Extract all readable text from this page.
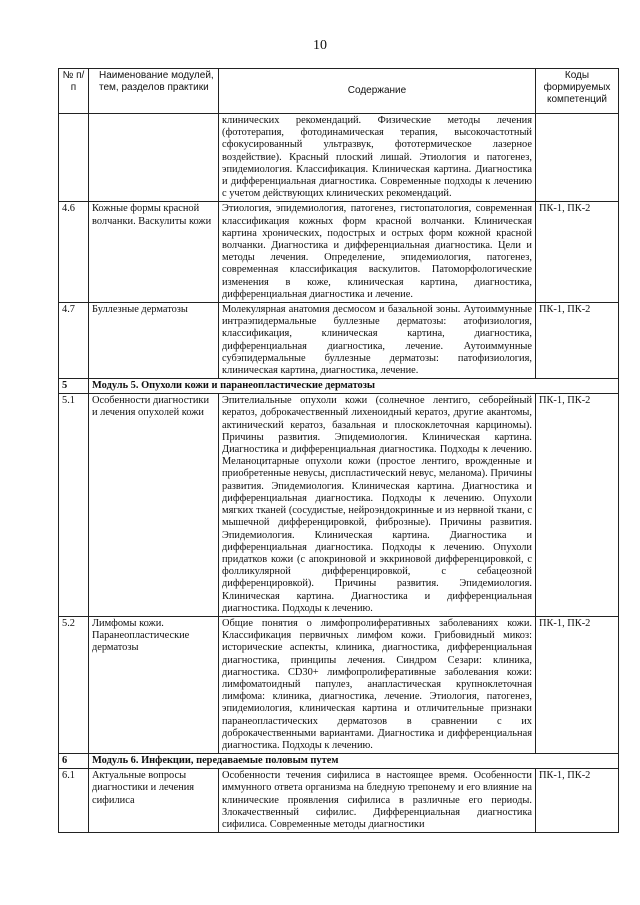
10
№ п/п	Наименование модулей, тем, разделов практики	Содержание	Коды формируемых компетенций
		клинических рекомендаций. Физические методы лечения (фототерапия, фотодинамическая терапия, высокочастотный сфокусированный ультразвук, фототермическое лазерное воздействие). Красный плоский лишай. Этиология и патогенез, эпидемиология. Классификация. Клиническая картина. Диагностика и дифференциальная диагностика. Современные подходы к лечению с учетом действующих клинических рекомендаций.	
4.6	Кожные формы красной волчанки. Васкулиты кожи	Этиология, эпидемиология, патогенез, гистопатология, современная классификация кожных форм красной волчанки. Клиническая картина хронических, подострых и острых форм кожной красной волчанки. Диагностика и дифференциальная диагностика. Цели и методы лечения. Определение, эпидемиология, патогенез, современная классификация васкулитов. Патоморфологические изменения в коже, клиническая картина, диагностика, дифференциальная диагностика и лечение.	ПК-1, ПК-2
4.7	Буллезные дерматозы	Молекулярная анатомия десмосом и базальной зоны. Аутоиммунные интраэпидермальные буллезные дерматозы: атофизиология, классификация, клиническая картина, диагностика, дифференциальная диагностика, лечение. Аутоиммунные субэпидермальные буллезные дерматозы: патофизиология, клиническая картина, диагностика, лечение.	ПК-1, ПК-2
5	Модуль 5. Опухоли кожи и паранеопластические дерматозы		
5.1	Особенности диагностики и лечения опухолей кожи	Эпителиальные опухоли кожи (солнечное лентиго, себорейный кератоз, доброкачественный лихеноидный кератоз, другие акантомы, актинический кератоз, базальная и плоскоклеточная карциномы). Причины развития. Эпидемиология. Клиническая картина. Диагностика и дифференциальная диагностика. Подходы к лечению. Меланоцитарные опухоли кожи (простое лентиго, врожденные и приобретенные невусы, диспластический невус, меланома). Причины развития. Эпидемиология. Клиническая картина. Диагностика и дифференциальная диагностика. Подходы к лечению. Опухоли мягких тканей (сосудистые, нейроэндокринные и из нервной ткани, с мышечной дифференцировкой, фиброзные). Причины развития. Эпидемиология. Клиническая картина. Диагностика и дифференциальная диагностика. Подходы к лечению. Опухоли придатков кожи (с апокриновой и эккриновой дифференцировкой, с фолликулярной дифференцировкой, с себацеозной дифференцировкой). Причины развития. Эпидемиология. Клиническая картина. Диагностика и дифференциальная диагностика. Подходы к лечению.	ПК-1, ПК-2
5.2	Лимфомы кожи. Паранеопластические дерматозы	Общие понятия о лимфопролиферативных заболеваниях кожи. Классификация первичных лимфом кожи. Грибовидный микоз: исторические аспекты, клиника, диагностика, дифференциальная диагностика, принципы лечения. Синдром Сезари: клиника, диагностика. CD30+ лимфопролиферативные заболевания кожи: лимфоматоидный папулез, анапластическая крупноклеточная лимфома: клиника, диагностика, лечение. Этиология, патогенез, эпидемиология, клиническая картина и отличительные признаки паранеопластических дерматозов в сравнении с их доброкачественными вариантами. Диагностика и дифференциальная диагностика. Подходы к лечению.	ПК-1, ПК-2
6	Модуль 6. Инфекции, передаваемые половым путем		
6.1	Актуальные вопросы диагностики и лечения сифилиса	Особенности течения сифилиса в настоящее время. Особенности иммунного ответа организма на бледную трепонему и его влияние на клинические проявления сифилиса в различные его периоды. Злокачественный сифилис. Дифференциальная диагностика сифилиса. Современные методы диагностики	ПК-1, ПК-2
